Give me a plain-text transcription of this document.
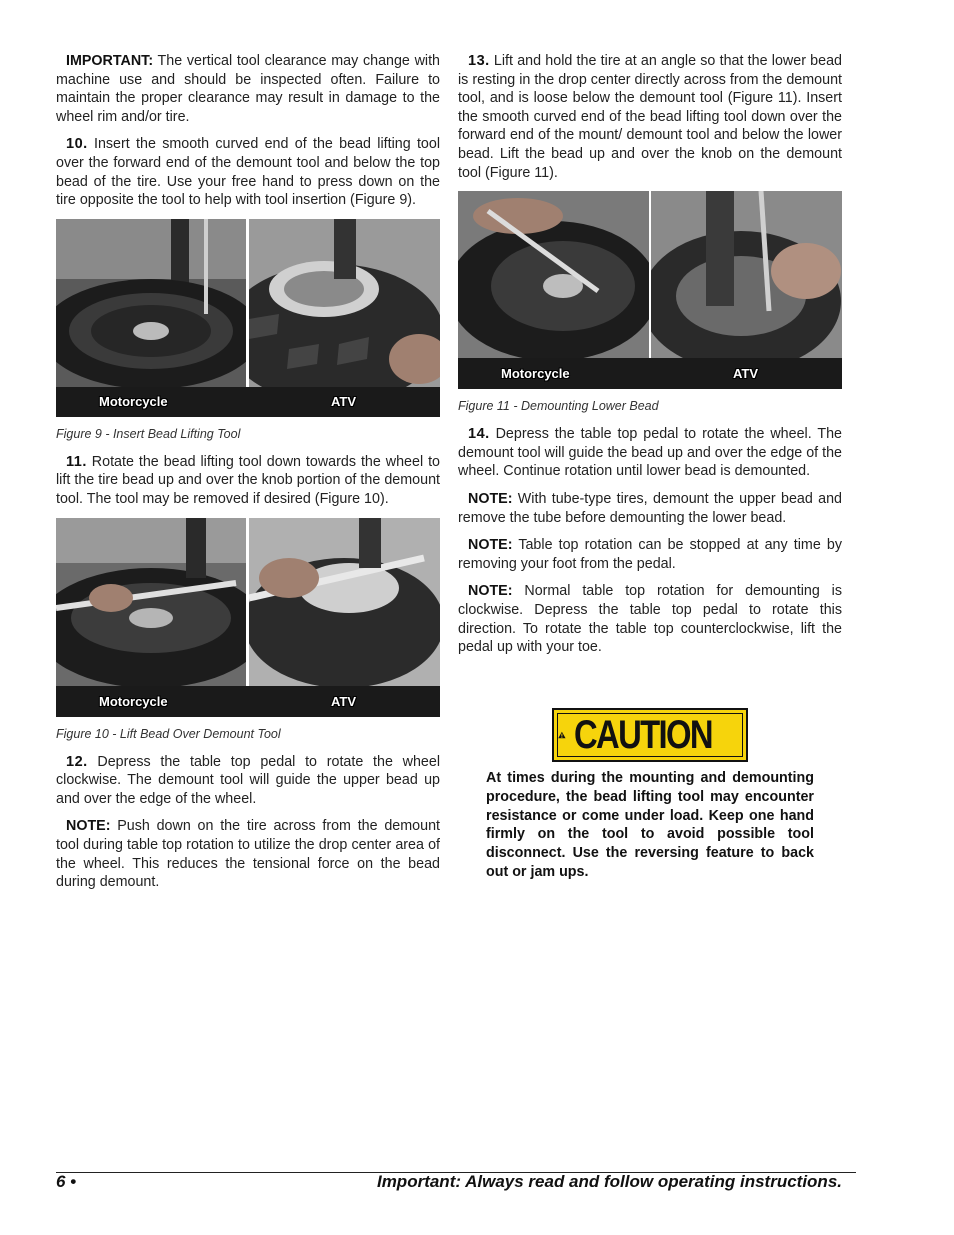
IMPORTANT: The vertical tool clearance may change with machine use and should be inspected often. Failure to maintain the proper clearance may result in damage to the wheel rim and/or tire.

10. Insert the smooth curved end of the bead lifting tool over the forward end of the demount tool and below the top bead of the tire. Use your free hand to press down on the tire opposite the tool to help with tool insertion (Figure 9).

Motorcycle	ATV
Figure 9 - Insert Bead Lifting Tool

11. Rotate the bead lifting tool down towards the wheel to lift the tire bead up and over the knob portion of the demount tool. The tool may be removed if desired (Figure 10).

Motorcycle	ATV
Figure 10 - Lift Bead Over Demount Tool

12. Depress the table top pedal to rotate the wheel clockwise. The demount tool will guide the upper bead up and over the edge of the wheel.

NOTE: Push down on the tire across from the demount tool during table top rotation to utilize the drop center area of the wheel. This reduces the tensional force on the bead during demount.

13. Lift and hold the tire at an angle so that the lower bead is resting in the drop center directly across from the demount tool, and is loose below the demount tool (Figure 11). Insert the smooth curved end of the bead lifting tool down over the forward end of the mount/ demount tool and below the lower bead. Lift the bead up and over the knob on the demount tool (Figure 11).

Motorcycle	ATV
Figure 11 - Demounting Lower Bead

14. Depress the table top pedal to rotate the wheel. The demount tool will guide the bead up and over the edge of the wheel. Continue rotation until lower bead is demounted.

NOTE: With tube-type tires, demount the upper bead and remove the tube before demounting the lower bead.

NOTE: Table top rotation can be stopped at any time by removing your foot from the pedal.

NOTE: Normal table top rotation for demounting is clockwise. Depress the table top pedal to rotate this direction. To rotate the table top counterclockwise, lift the pedal up with your toe.

CAUTION
At times during the mounting and demounting procedure, the bead lifting tool may encounter resistance or come under load. Keep one hand firmly on the tool to avoid possible tool disconnect. Use the reversing feature to back out or jam ups.
6 •	Important: Always read and follow operating instructions.
